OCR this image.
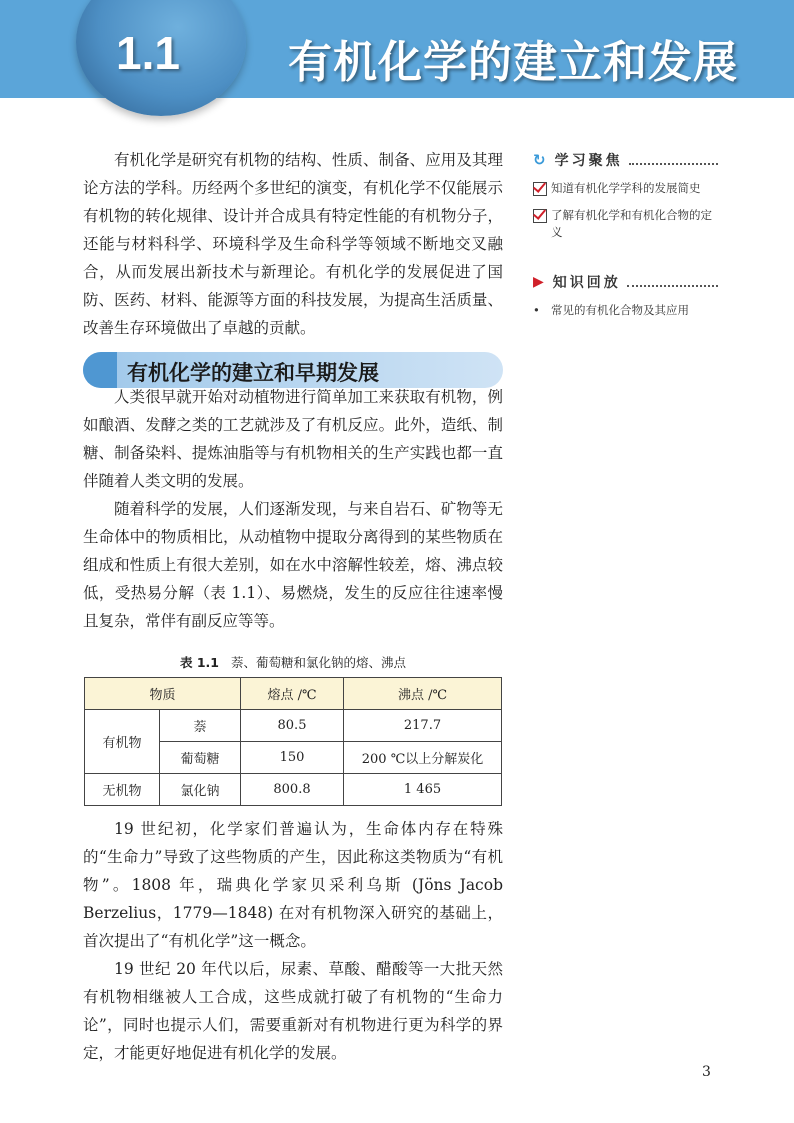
1.1 有机化学的建立和发展

有机化学是研究有机物的结构、性质、制备、应用及其理论方法的学科。历经两个多世纪的演变，有机化学不仅能展示有机物的转化规律、设计并合成具有特定性能的有机物分子，还能与材料科学、环境科学及生命科学等领域不断地交叉融合，从而发展出新技术与新理论。有机化学的发展促进了国防、医药、材料、能源等方面的科技发展，为提高生活质量、改善生存环境做出了卓越的贡献。

↻ 学习聚焦
知道有机化学学科的发展简史
了解有机化学和有机化合物的定义
▶ 知识回放
• 常见的有机化合物及其应用
有机化学的建立和早期发展

人类很早就开始对动植物进行简单加工来获取有机物，例如酿酒、发酵之类的工艺就涉及了有机反应。此外，造纸、制糖、制备染料、提炼油脂等与有机物相关的生产实践也都一直伴随着人类文明的发展。

随着科学的发展，人们逐渐发现，与来自岩石、矿物等无生命体中的物质相比，从动植物中提取分离得到的某些物质在组成和性质上有很大差别，如在水中溶解性较差，熔、沸点较低，受热易分解（表 1.1）、易燃烧，发生的反应往往速率慢且复杂，常伴有副反应等等。

表 1.1 萘、葡萄糖和氯化钠的熔、沸点
物质		熔点 /℃	沸点 /℃
有机物	萘	80.5	217.7
	葡萄糖	150	200 ℃以上分解炭化
无机物	氯化钠	800.8	1 465

19 世纪初，化学家们普遍认为，生命体内存在特殊的“生命力”导致了这些物质的产生，因此称这类物质为“有机物”。1808 年，瑞典化学家贝采利乌斯 (Jöns Jacob Berzelius，1779—1848) 在对有机物深入研究的基础上，首次提出了“有机化学”这一概念。

19 世纪 20 年代以后，尿素、草酸、醋酸等一大批天然有机物相继被人工合成，这些成就打破了有机物的“生命力论”，同时也提示人们，需要重新对有机物进行更为科学的界定，才能更好地促进有机化学的发展。

3
